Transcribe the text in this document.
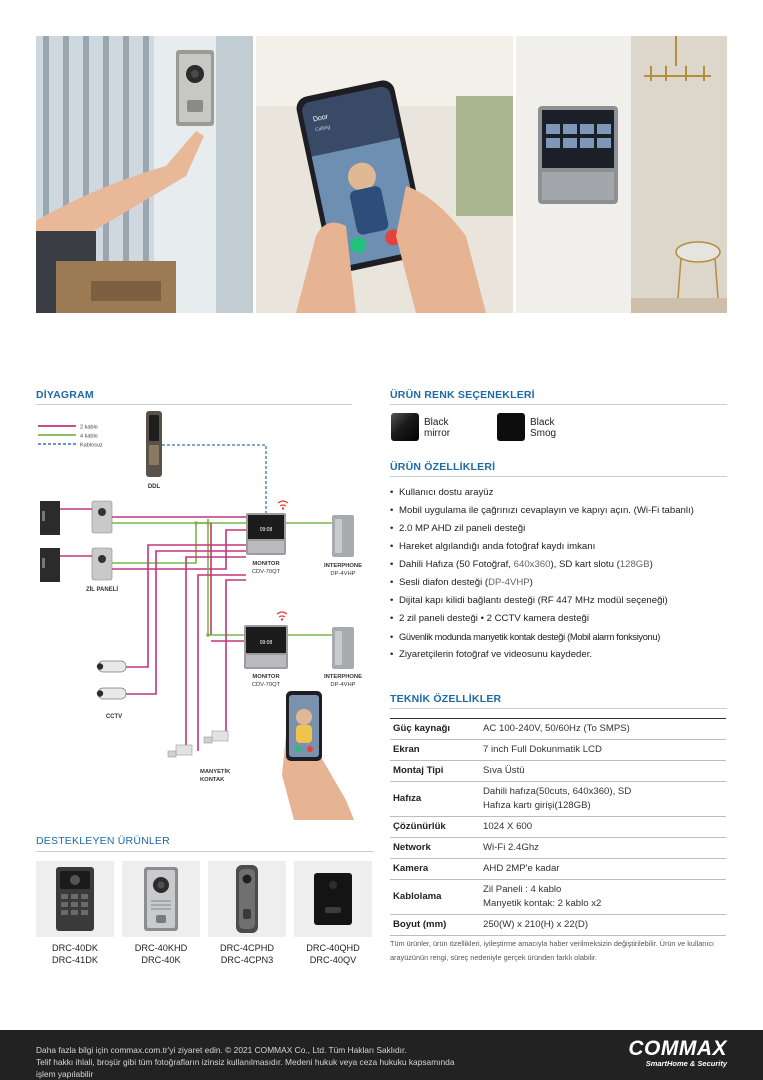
Door
Calling
DİYAGRAM
2 kablo
4 kablo
Kablosuz
DDL
ZİL PANELİ
09:08
MONITOR
CDV-70QT
INTERPHONE
DP-4VHP
09:08
MONITOR
CDV-70QT
INTERPHONE
DP-4VHP
CCTV
MANYETİK
KONTAK
ÜRÜN RENK SEÇENEKLERİ
Black
mirror
Black
Smog
ÜRÜN ÖZELLİKLERİ
• Kullanıcı dostu arayüz
• Mobil uygulama ile çağrınızı cevaplayın ve kapıyı açın. (Wi-Fi tabanlı)
• 2.0 MP AHD zil paneli desteği
• Hareket algılandığı anda fotoğraf kaydı imkanı
• Dahili Hafıza (50 Fotoğraf, 640x360), SD kart slotu (128GB)
• Sesli diafon desteği (DP-4VHP)
• Dijital kapı kilidi bağlantı desteği (RF 447 MHz modül seçeneği)
• 2 zil paneli desteği • 2 CCTV kamera desteği
• Güvenlik modunda manyetik kontak desteği (Mobil alarm fonksiyonu)
• Ziyaretçilerin fotoğraf ve videosunu kaydeder.
TEKNİK ÖZELLİKLER
Güç kaynağı	AC 100-240V, 50/60Hz (To SMPS)
Ekran	7 inch Full Dokunmatik LCD
Montaj Tipi	Sıva Üstü
Hafıza	Dahili hafıza(50cuts, 640x360), SD
Hafıza kartı girişi(128GB)

Çözünürlük	1024 X 600
Network	Wi-Fi 2.4Ghz
Kamera	AHD 2MP'e kadar
Kablolama	Zil Paneli : 4 kablo
Manyetik kontak: 2 kablo x2

Boyut (mm)	250(W) x 210(H) x 22(D)
Tüm ürünler, ürün özellikleri, iyileştirme amacıyla haber verilmeksizin değiştirilebilir. Ürün ve kullanıcı arayüzünün rengi, süreç nedeniyle gerçek üründen farklı olabilir.
DESTEKLEYEN ÜRÜNLER
DRC-40DK
DRC-41DK
DRC-40KHD
DRC-40K
DRC-4CPHD
DRC-4CPN3
DRC-40QHD
DRC-40QV
Daha fazla bilgi için commax.com.tr'yi ziyaret edin. © 2021 COMMAX Co., Ltd. Tüm Hakları Saklıdır.
Telif hakkı ihlali, broşür gibi tüm fotoğrafların izinsiz kullanılmasıdır. Medeni hukuk veya ceza hukuku kapsamında
işlem yapılabilir
COMMAX
SmartHome & Security
